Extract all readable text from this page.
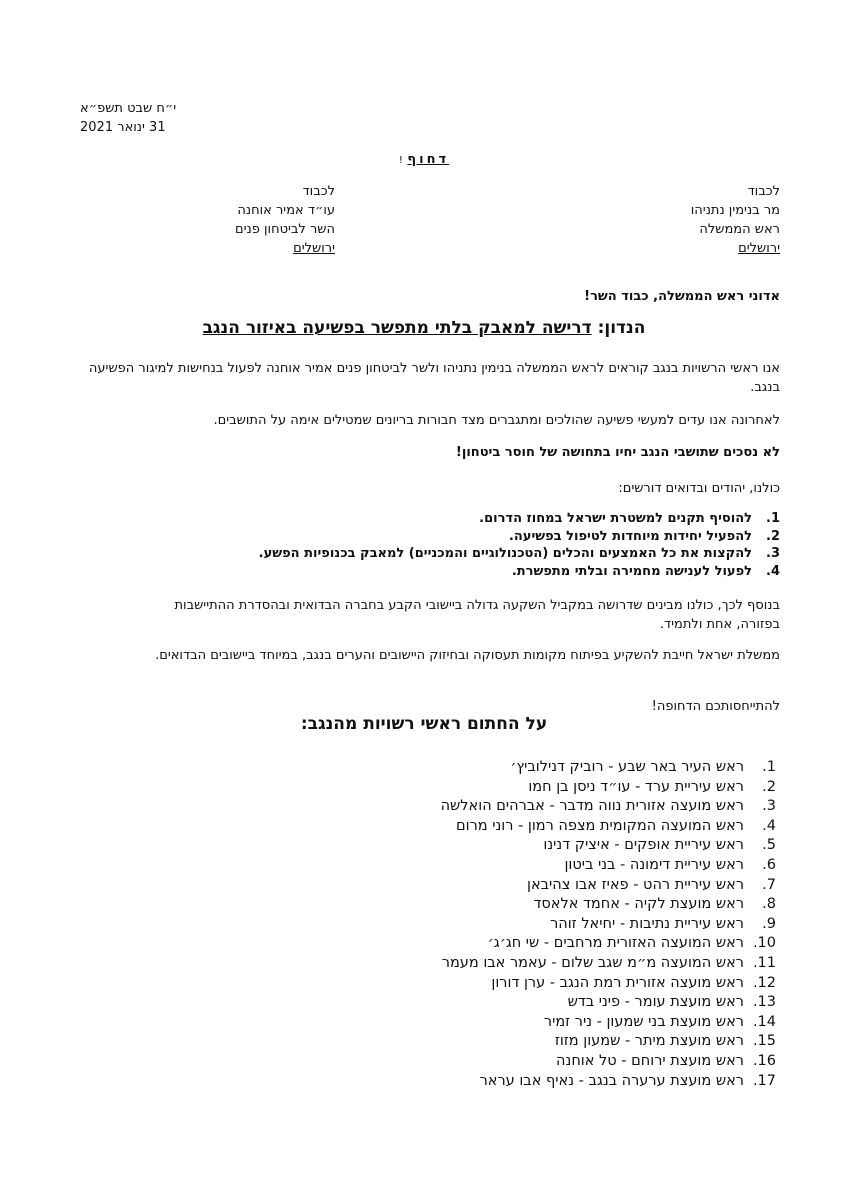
י״ח שבט תשפ״א
31 ינואר 2021
דחוף !
לכבוד
מר בנימין נתניהו
ראש הממשלה
ירושלים
לכבוד
עו״ד אמיר אוחנה
השר לביטחון פנים
ירושלים
אדוני ראש הממשלה, כבוד השר!
הנדון: דרישה למאבק בלתי מתפשר בפשיעה באיזור הנגב
אנו ראשי הרשויות בנגב קוראים לראש הממשלה בנימין נתניהו ולשר לביטחון פנים אמיר אוחנה לפעול בנחישות למיגור הפשיעה בנגב.
לאחרונה אנו עדים למעשי פשיעה שהולכים ומתגברים מצד חבורות בריונים שמטילים אימה על התושבים.
לא נסכים שתושבי הנגב יחיו בתחושה של חוסר ביטחון!
כולנו, יהודים ובדואים דורשים:
1.להוסיף תקנים למשטרת ישראל במחוז הדרום.
2.להפעיל יחידות מיוחדות לטיפול בפשיעה.
3.להקצות את כל האמצעים והכלים (הטכנולוגיים והמכניים) למאבק בכנופיות הפשע.
4.לפעול לענישה מחמירה ובלתי מתפשרת.
בנוסף לכך, כולנו מבינים שדרושה במקביל השקעה גדולה ביישובי הקבע בחברה הבדואית ובהסדרת ההתיישבות בפזורה, אחת ולתמיד.
ממשלת ישראל חייבת להשקיע בפיתוח מקומות תעסוקה ובחיזוק היישובים והערים בנגב, במיוחד ביישובים הבדואים.
להתייחסותכם הדחופה!
על החתום ראשי רשויות מהנגב:
1.
ראש העיר באר שבע - רוביק דנילוביץ׳
2.
ראש עיריית ערד - עו״ד ניסן בן חמו
3.
ראש מועצה אזורית נווה מדבר - אברהים הואלשה
4.
ראש המועצה המקומית מצפה רמון - רוני מרום
5.
ראש עיריית אופקים - איציק דנינו
6.
ראש עיריית דימונה - בני ביטון
7.
ראש עיריית רהט - פאיז אבו צהיבאן
8.
ראש מועצת לקיה - אחמד אלאסד
9.
ראש עיריית נתיבות - יחיאל זוהר
10.
ראש המועצה האזורית מרחבים - שי חג׳ג׳
11.
ראש המועצה מ״מ שגב שלום - עאמר אבו מעמר
12.
ראש מועצה אזורית רמת הנגב - ערן דורון
13.
ראש מועצת עומר - פיני בדש
14.
ראש מועצת בני שמעון - ניר זמיר
15.
ראש מועצת מיתר - שמעון מזוז
16.
ראש מועצת ירוחם - טל אוחנה
17.
ראש מועצת ערערה בנגב - נאיף אבו עראר
